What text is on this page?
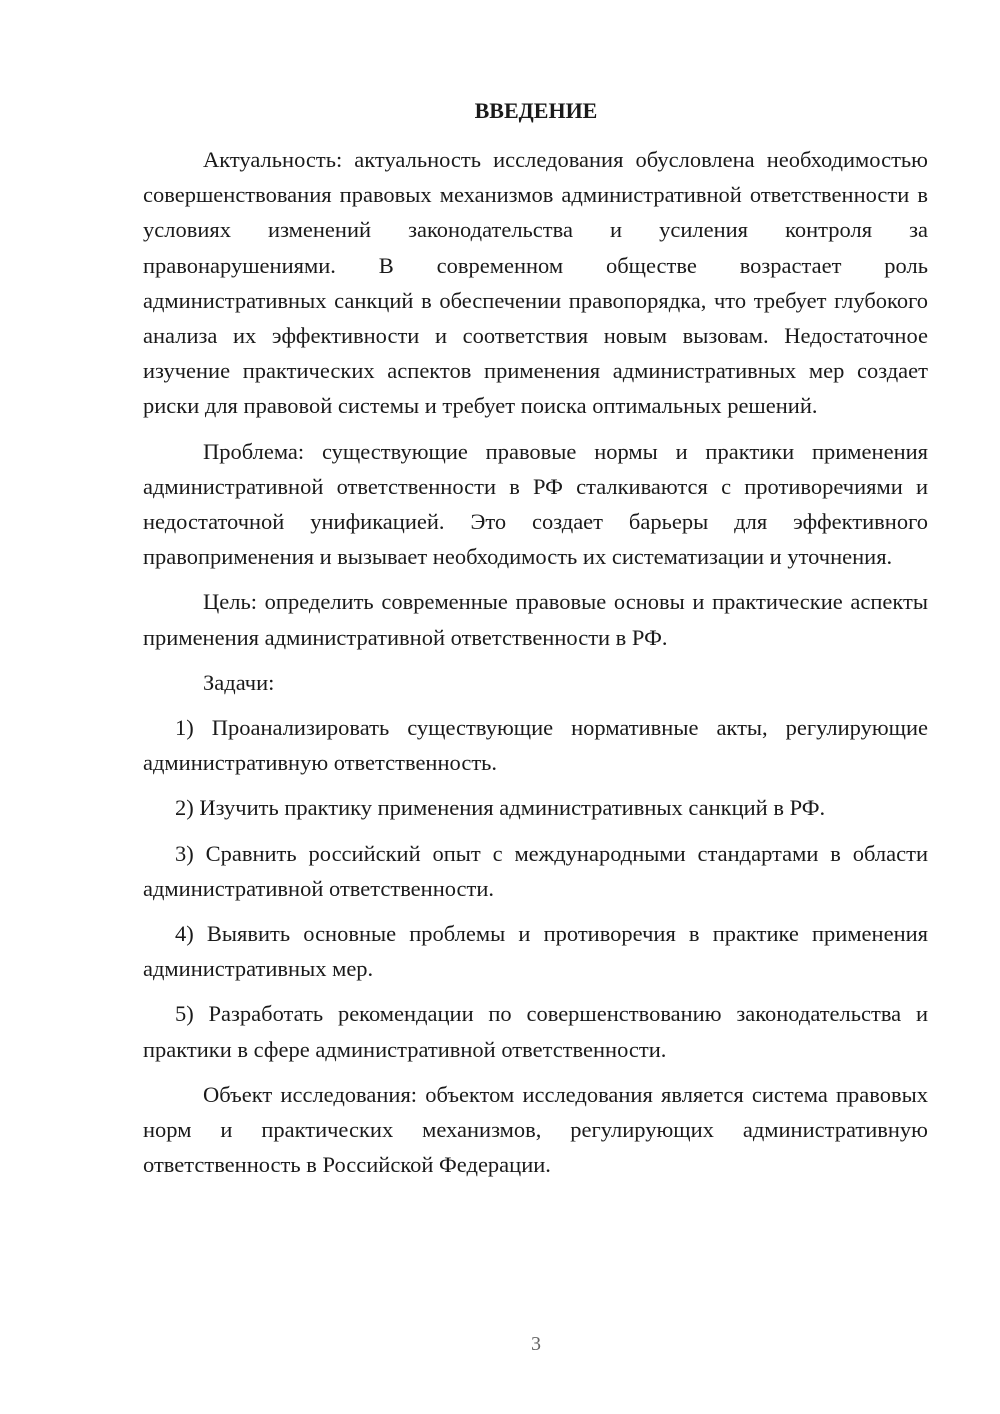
ВВЕДЕНИЕ

Актуальность: актуальность исследования обусловлена необходимостью совершенствования правовых механизмов административной ответственности в условиях изменений законодательства и усиления контроля за правонарушениями. В современном обществе возрастает роль административных санкций в обеспечении правопорядка, что требует глубокого анализа их эффективности и соответствия новым вызовам. Недостаточное изучение практических аспектов применения административных мер создает риски для правовой системы и требует поиска оптимальных решений.

Проблема: существующие правовые нормы и практики применения административной ответственности в РФ сталкиваются с противоречиями и недостаточной унификацией. Это создает барьеры для эффективного правоприменения и вызывает необходимость их систематизации и уточнения.

Цель: определить современные правовые основы и практические аспекты применения административной ответственности в РФ.

Задачи:

1) Проанализировать существующие нормативные акты, регулирующие административную ответственность.

2) Изучить практику применения административных санкций в РФ.

3) Сравнить российский опыт с международными стандартами в области административной ответственности.

4) Выявить основные проблемы и противоречия в практике применения административных мер.

5) Разработать рекомендации по совершенствованию законодательства и практики в сфере административной ответственности.

Объект исследования: объектом исследования является система правовых норм и практических механизмов, регулирующих административную ответственность в Российской Федерации.

3
